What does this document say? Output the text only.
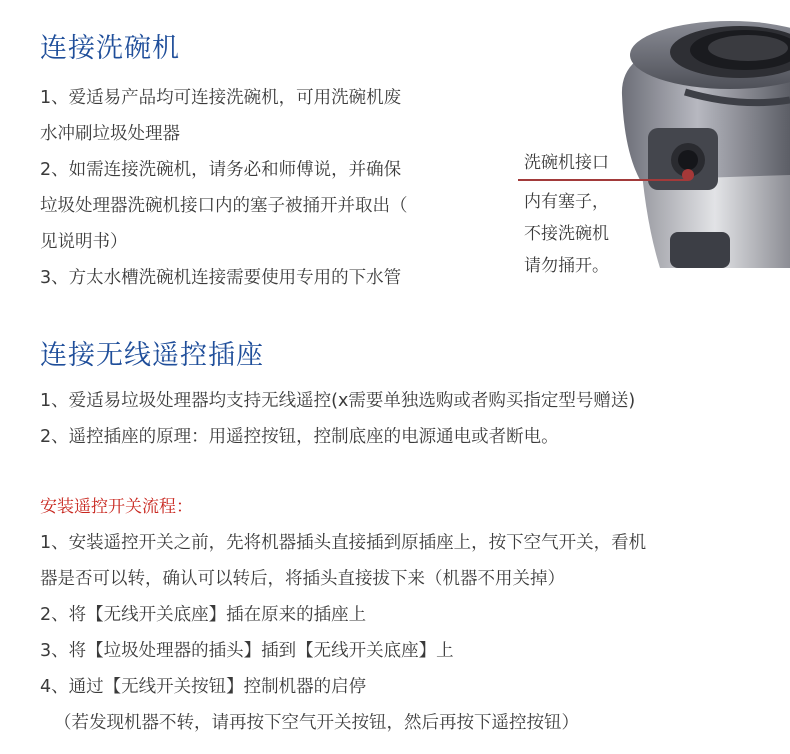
连接洗碗机
1、爱适易产品均可连接洗碗机，可用洗碗机废
水冲刷垃圾处理器
2、如需连接洗碗机，请务必和师傅说，并确保
垃圾处理器洗碗机接口内的塞子被捅开并取出（
见说明书）
3、方太水槽洗碗机连接需要使用专用的下水管

洗碗机接口

内有塞子，
不接洗碗机
请勿捅开。
连接无线遥控插座
1、爱适易垃圾处理器均支持无线遥控(x需要单独选购或者购买指定型号赠送)
2、遥控插座的原理：用遥控按钮，控制底座的电源通电或者断电。

安装遥控开关流程：

1、安装遥控开关之前，先将机器插头直接插到原插座上，按下空气开关，看机
器是否可以转，确认可以转后，将插头直接拔下来（机器不用关掉）
2、将【无线开关底座】插在原来的插座上
3、将【垃圾处理器的插头】插到【无线开关底座】上
4、通过【无线开关按钮】控制机器的启停
（若发现机器不转，请再按下空气开关按钮，然后再按下遥控按钮）
